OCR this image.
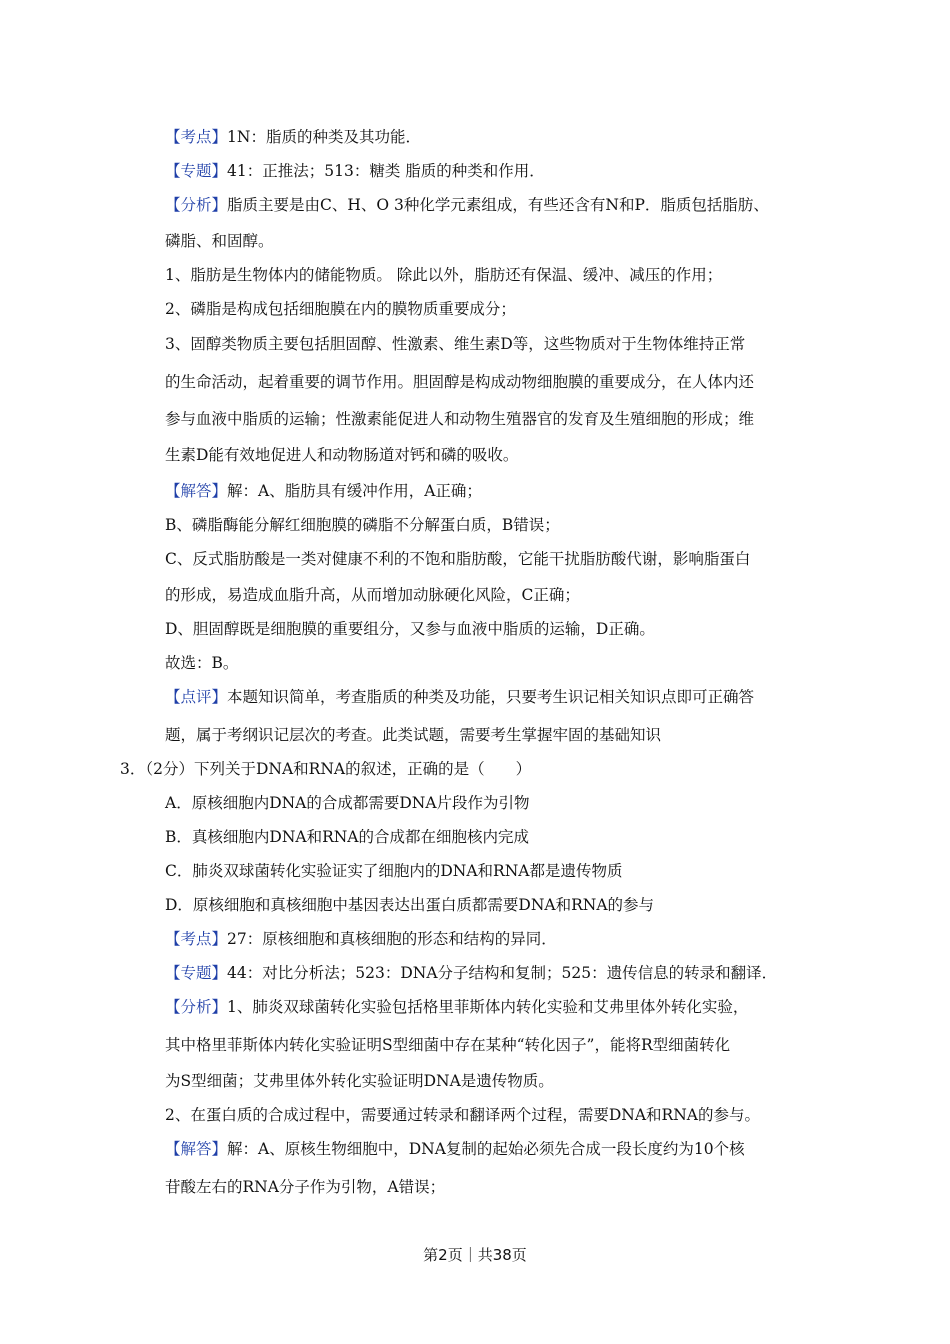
【考点】1N：脂质的种类及其功能．
【专题】41：正推法；513：糖类 脂质的种类和作用．
【分析】脂质主要是由C、H、O 3种化学元素组成，有些还含有N和P．脂质包括脂肪、
磷脂、和固醇。
1、脂肪是生物体内的储能物质。 除此以外，脂肪还有保温、缓冲、减压的作用；
2、磷脂是构成包括细胞膜在内的膜物质重要成分；
3、固醇类物质主要包括胆固醇、性激素、维生素D等，这些物质对于生物体维持正常
的生命活动，起着重要的调节作用。胆固醇是构成动物细胞膜的重要成分，在人体内还
参与血液中脂质的运输；性激素能促进人和动物生殖器官的发育及生殖细胞的形成；维
生素D能有效地促进人和动物肠道对钙和磷的吸收。
【解答】解：A、脂肪具有缓冲作用，A正确；
B、磷脂酶能分解红细胞膜的磷脂不分解蛋白质，B错误；
C、反式脂肪酸是一类对健康不利的不饱和脂肪酸，它能干扰脂肪酸代谢，影响脂蛋白
的形成，易造成血脂升高，从而增加动脉硬化风险，C正确；
D、胆固醇既是细胞膜的重要组分，又参与血液中脂质的运输，D正确。
故选：B。
【点评】本题知识简单，考查脂质的种类及功能，只要考生识记相关知识点即可正确答
题，属于考纲识记层次的考查。此类试题，需要考生掌握牢固的基础知识
3．（2分）下列关于DNA和RNA的叙述，正确的是（　　）
A．原核细胞内DNA的合成都需要DNA片段作为引物
B．真核细胞内DNA和RNA的合成都在细胞核内完成
C．肺炎双球菌转化实验证实了细胞内的DNA和RNA都是遗传物质
D．原核细胞和真核细胞中基因表达出蛋白质都需要DNA和RNA的参与
【考点】27：原核细胞和真核细胞的形态和结构的异同．
【专题】44：对比分析法；523：DNA分子结构和复制；525：遗传信息的转录和翻译．
【分析】1、肺炎双球菌转化实验包括格里菲斯体内转化实验和艾弗里体外转化实验，
其中格里菲斯体内转化实验证明S型细菌中存在某种“转化因子”，能将R型细菌转化
为S型细菌；艾弗里体外转化实验证明DNA是遗传物质。
2、在蛋白质的合成过程中，需要通过转录和翻译两个过程，需要DNA和RNA的参与。
【解答】解：A、原核生物细胞中，DNA复制的起始必须先合成一段长度约为10个核
苷酸左右的RNA分子作为引物，A错误；
第2页｜共38页
